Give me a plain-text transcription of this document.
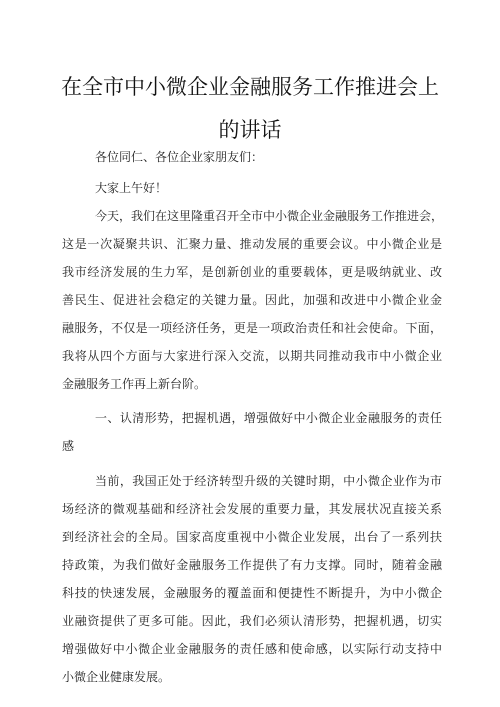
在全市中小微企业金融服务工作推进会上
的讲话
各位同仁、各位企业家朋友们：
大家上午好！
今天，我们在这里隆重召开全市中小微企业金融服务工作推进会，
这是一次凝聚共识、汇聚力量、推动发展的重要会议。中小微企业是
我市经济发展的生力军，是创新创业的重要载体，更是吸纳就业、改
善民生、促进社会稳定的关键力量。因此，加强和改进中小微企业金
融服务，不仅是一项经济任务，更是一项政治责任和社会使命。下面，
我将从四个方面与大家进行深入交流，以期共同推动我市中小微企业
金融服务工作再上新台阶。
一、认清形势，把握机遇，增强做好中小微企业金融服务的责任
感
当前，我国正处于经济转型升级的关键时期，中小微企业作为市
场经济的微观基础和经济社会发展的重要力量，其发展状况直接关系
到经济社会的全局。国家高度重视中小微企业发展，出台了一系列扶
持政策，为我们做好金融服务工作提供了有力支撑。同时，随着金融
科技的快速发展，金融服务的覆盖面和便捷性不断提升，为中小微企
业融资提供了更多可能。因此，我们必须认清形势，把握机遇，切实
增强做好中小微企业金融服务的责任感和使命感，以实际行动支持中
小微企业健康发展。
